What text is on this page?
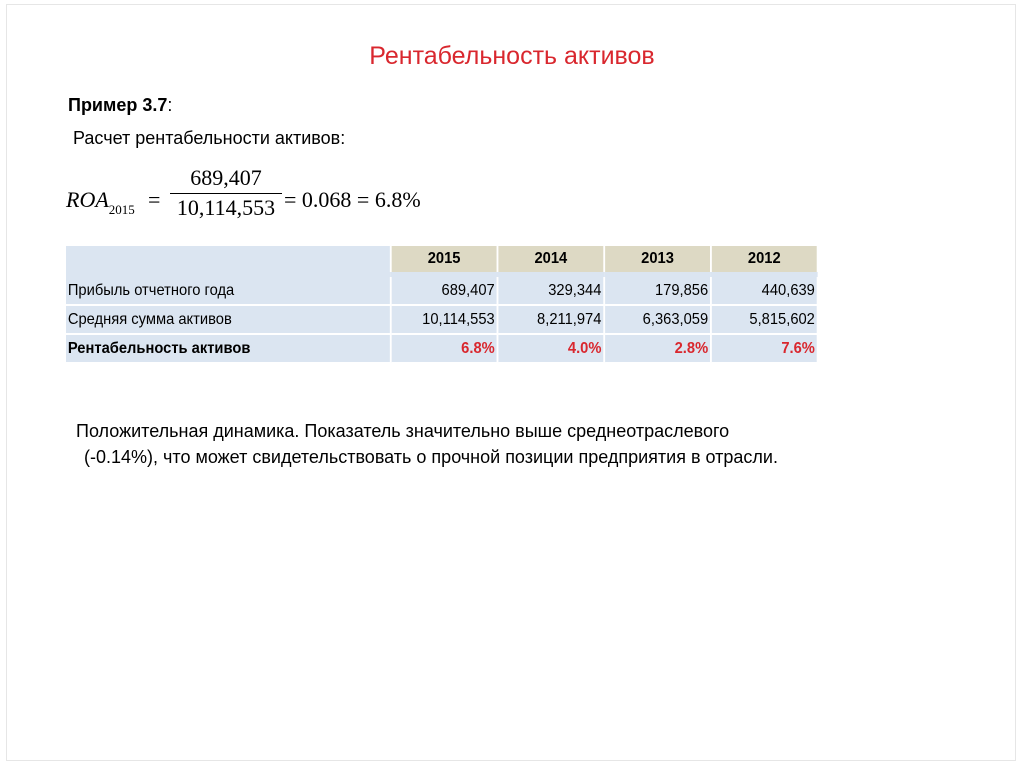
Рентабельность активов
Пример 3.7:
Расчет рентабельности активов:
$ROA_{2015}$ =
689,407
10,114,553 = 0.068 = 6.8%
	2015	2014	2013	2012

Прибыль отчетного года	689,407	329,344	179,856	440,639
Средняя сумма активов	10,114,553	8,211,974	6,363,059	5,815,602
Рентабельность активов	6.8%	4.0%	2.8%	7.6%
Положительная динамика. Показатель значительно выше среднеотраслевого
(-0.14%), что может свидетельствовать о прочной позиции предприятия в отрасли.
